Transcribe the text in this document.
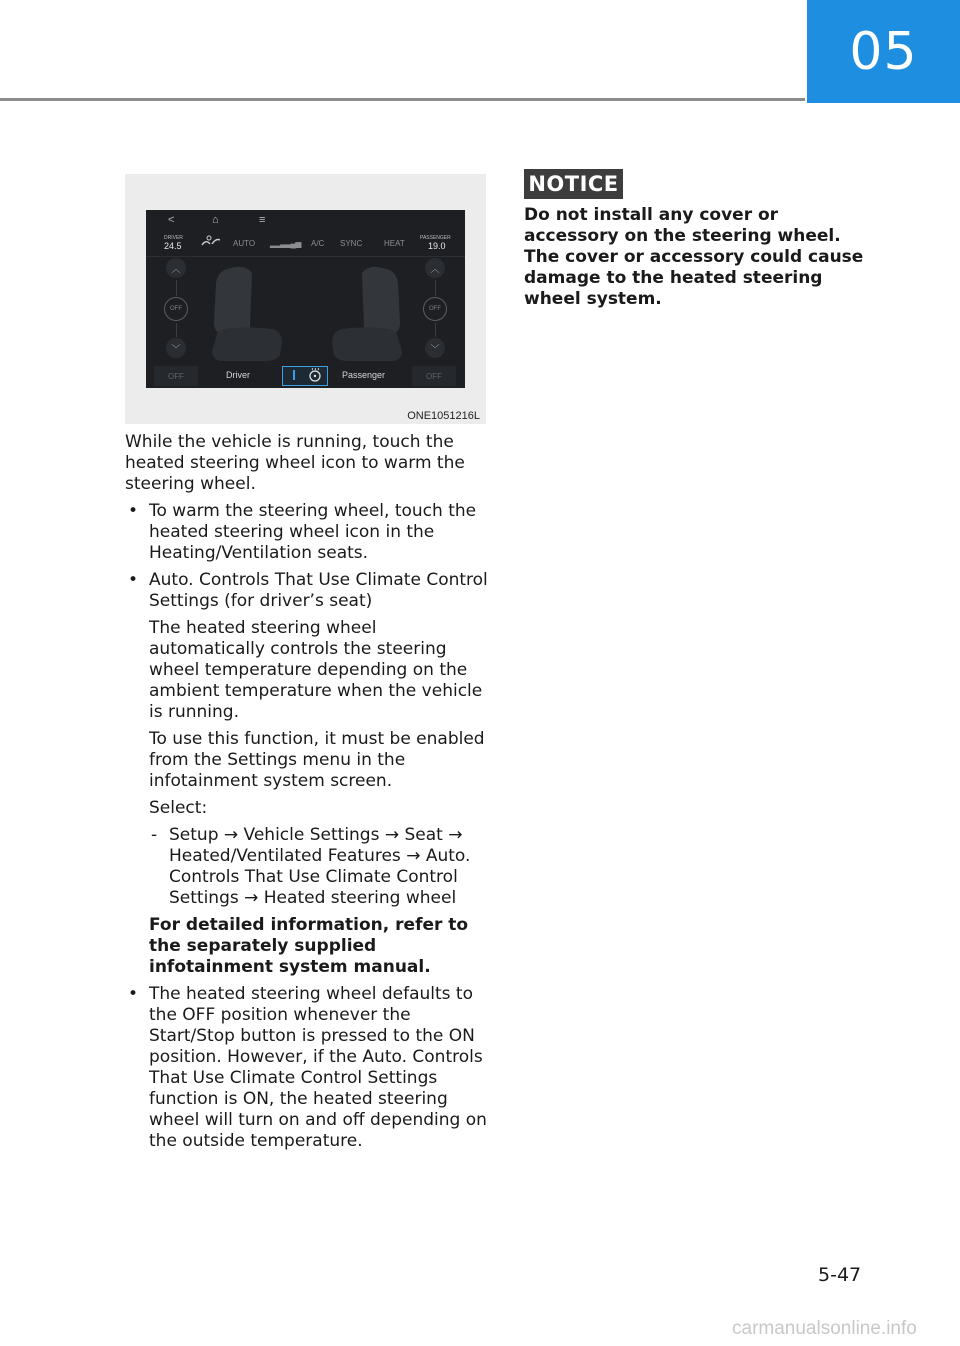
05
<	⌂	≡
DRIVER
24.5	AUTO ▂▂▃▃▄▅ A/C SYNC	HEAT
PASSENGER
19.0
︿
OFF
﹀
︿
OFF
﹀
OFF	Driver	Passenger	OFF
ONE1051216L

While the vehicle is running, touch the heated steering wheel icon to warm the steering wheel.

• To warm the steering wheel, touch the heated steering wheel icon in the Heating/Ventilation seats.
• Auto. Controls That Use Climate Control Settings (for driver’s seat)
The heated steering wheel automatically controls the steering wheel temperature depending on the ambient temperature when the vehicle is running.
To use this function, it must be enabled from the Settings menu in the infotainment system screen.
Select:
- Setup → Vehicle Settings → Seat → Heated/Ventilated Features → Auto. Controls That Use Climate Control Settings → Heated steering wheel
For detailed information, refer to the separately supplied infotainment system manual.
• The heated steering wheel defaults to the OFF position whenever the Start/Stop button is pressed to the ON position. However, if the Auto. Controls That Use Climate Control Settings function is ON, the heated steering wheel will turn on and off depending on the outside temperature.
NOTICE
Do not install any cover or accessory on the steering wheel. The cover or accessory could cause damage to the heated steering wheel system.
5-47
carmanualsonline.info
